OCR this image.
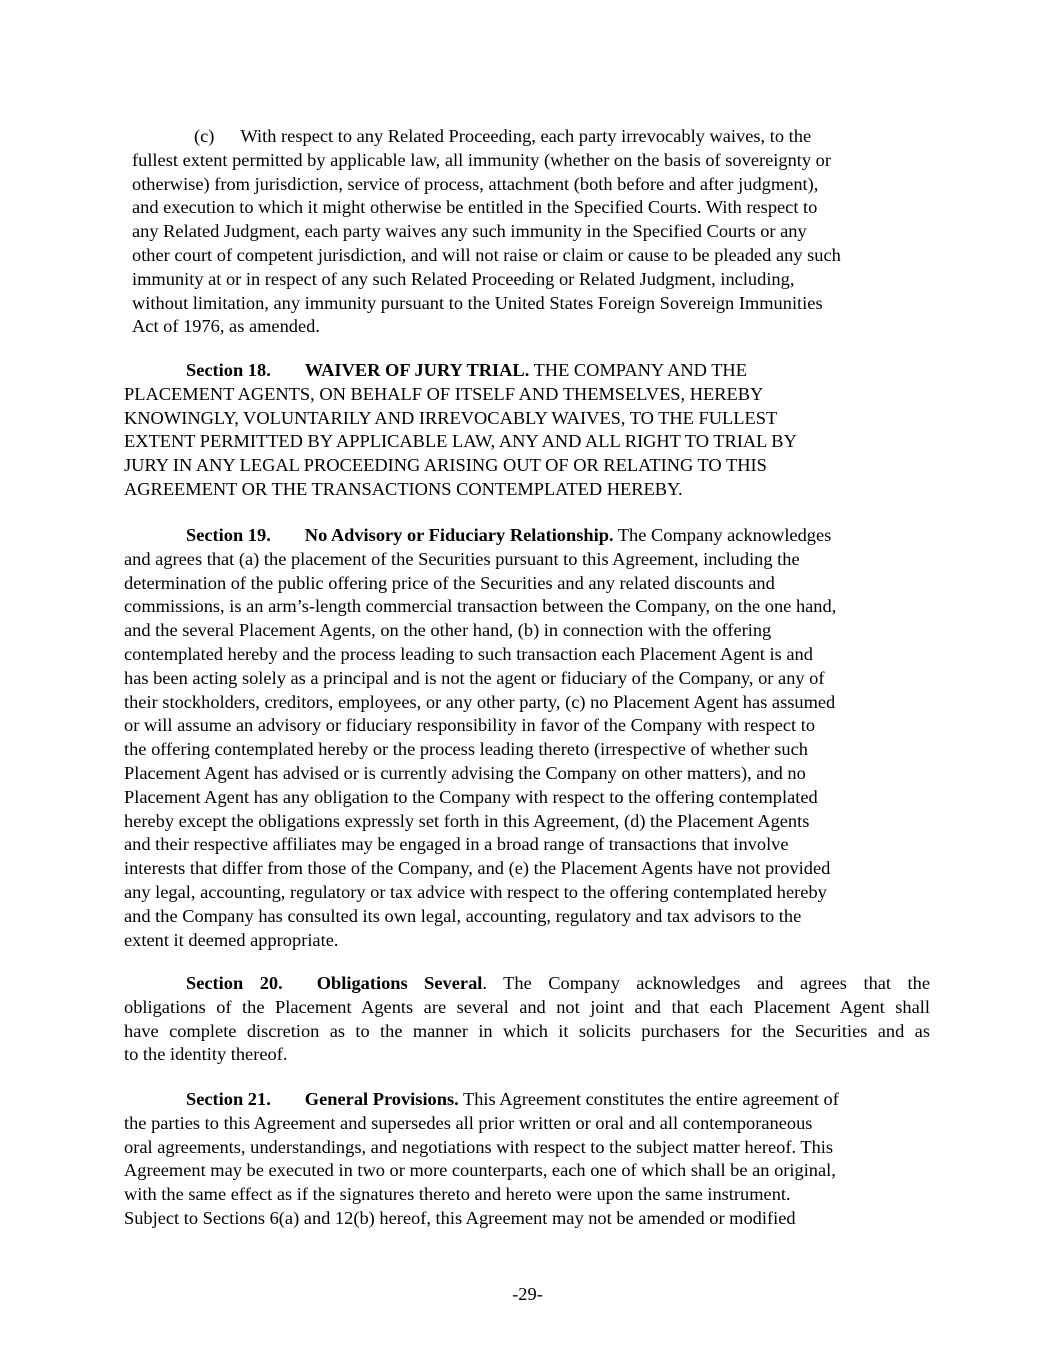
(c) With respect to any Related Proceeding, each party irrevocably waives, to the
fullest extent permitted by applicable law, all immunity (whether on the basis of sovereignty or
otherwise) from jurisdiction, service of process, attachment (both before and after judgment),
and execution to which it might otherwise be entitled in the Specified Courts. With respect to
any Related Judgment, each party waives any such immunity in the Specified Courts or any
other court of competent jurisdiction, and will not raise or claim or cause to be pleaded any such
immunity at or in respect of any such Related Proceeding or Related Judgment, including,
without limitation, any immunity pursuant to the United States Foreign Sovereign Immunities
Act of 1976, as amended.
Section 18. WAIVER OF JURY TRIAL. THE COMPANY AND THE
PLACEMENT AGENTS, ON BEHALF OF ITSELF AND THEMSELVES, HEREBY
KNOWINGLY, VOLUNTARILY AND IRREVOCABLY WAIVES, TO THE FULLEST
EXTENT PERMITTED BY APPLICABLE LAW, ANY AND ALL RIGHT TO TRIAL BY
JURY IN ANY LEGAL PROCEEDING ARISING OUT OF OR RELATING TO THIS
AGREEMENT OR THE TRANSACTIONS CONTEMPLATED HEREBY.
Section 19. No Advisory or Fiduciary Relationship. The Company acknowledges
and agrees that (a) the placement of the Securities pursuant to this Agreement, including the
determination of the public offering price of the Securities and any related discounts and
commissions, is an arm’s-length commercial transaction between the Company, on the one hand,
and the several Placement Agents, on the other hand, (b) in connection with the offering
contemplated hereby and the process leading to such transaction each Placement Agent is and
has been acting solely as a principal and is not the agent or fiduciary of the Company, or any of
their stockholders, creditors, employees, or any other party, (c) no Placement Agent has assumed
or will assume an advisory or fiduciary responsibility in favor of the Company with respect to
the offering contemplated hereby or the process leading thereto (irrespective of whether such
Placement Agent has advised or is currently advising the Company on other matters), and no
Placement Agent has any obligation to the Company with respect to the offering contemplated
hereby except the obligations expressly set forth in this Agreement, (d) the Placement Agents
and their respective affiliates may be engaged in a broad range of transactions that involve
interests that differ from those of the Company, and (e) the Placement Agents have not provided
any legal, accounting, regulatory or tax advice with respect to the offering contemplated hereby
and the Company has consulted its own legal, accounting, regulatory and tax advisors to the
extent it deemed appropriate.
Section 20. Obligations Several. The Company acknowledges and agrees that the
obligations of the Placement Agents are several and not joint and that each Placement Agent shall
have complete discretion as to the manner in which it solicits purchasers for the Securities and as
to the identity thereof.
Section 21. General Provisions. This Agreement constitutes the entire agreement of
the parties to this Agreement and supersedes all prior written or oral and all contemporaneous
oral agreements, understandings, and negotiations with respect to the subject matter hereof. This
Agreement may be executed in two or more counterparts, each one of which shall be an original,
with the same effect as if the signatures thereto and hereto were upon the same instrument.
Subject to Sections 6(a) and 12(b) hereof, this Agreement may not be amended or modified
-29-
